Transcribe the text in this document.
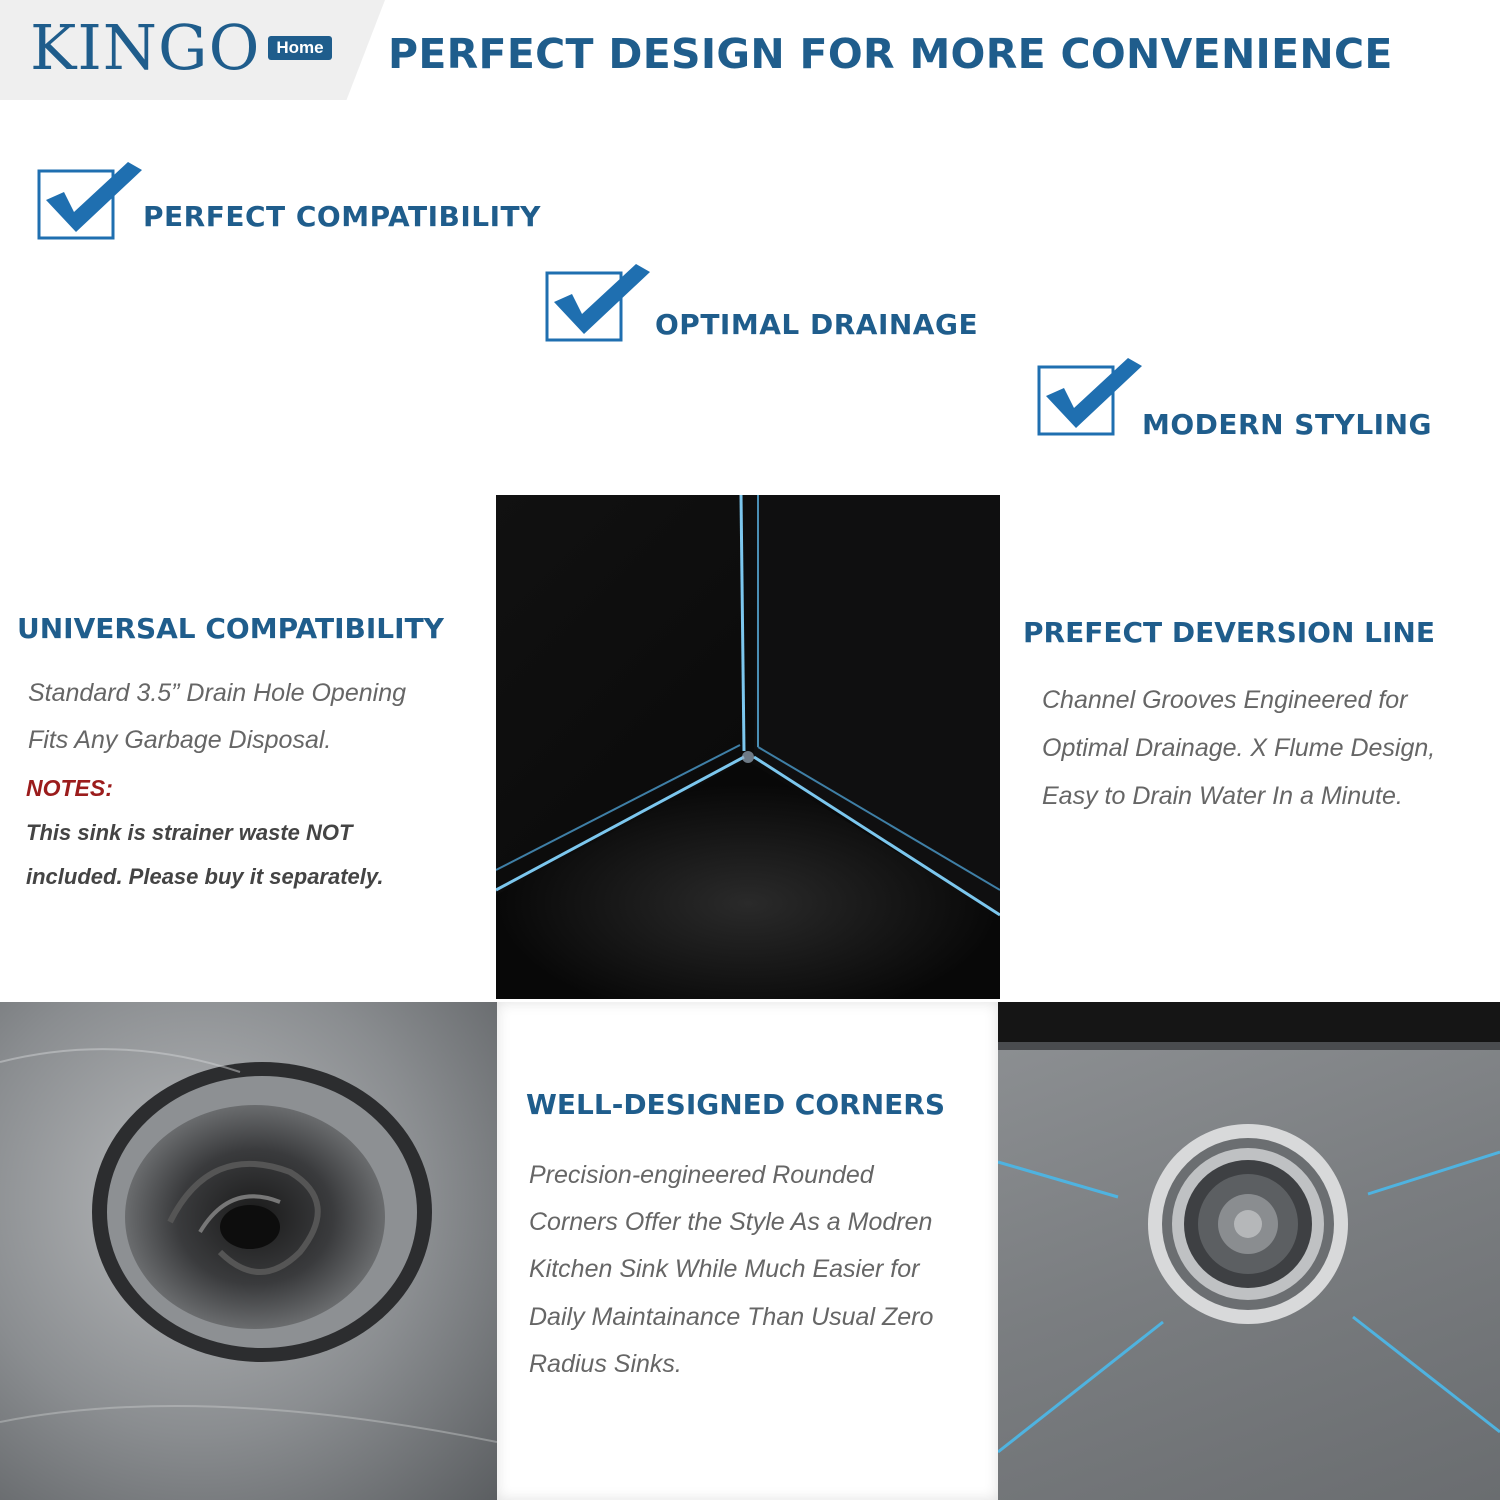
KINGO Home PERFECT DESIGN FOR MORE CONVENIENCE
PERFECT COMPATIBILITY
OPTIMAL DRAINAGE
MODERN STYLING
UNIVERSAL COMPATIBILITY
Standard 3.5” Drain Hole Opening
Fits Any Garbage Disposal.
NOTES:
This sink is strainer waste NOT
included. Please buy it separately.
PREFECT DEVERSION LINE
Channel Grooves Engineered for
Optimal Drainage. X Flume Design,
Easy to Drain Water In a Minute.
WELL-DESIGNED CORNERS
Precision-engineered Rounded
Corners Offer the Style As a Modren
Kitchen Sink While Much Easier for
Daily Maintainance Than Usual Zero
Radius Sinks.
